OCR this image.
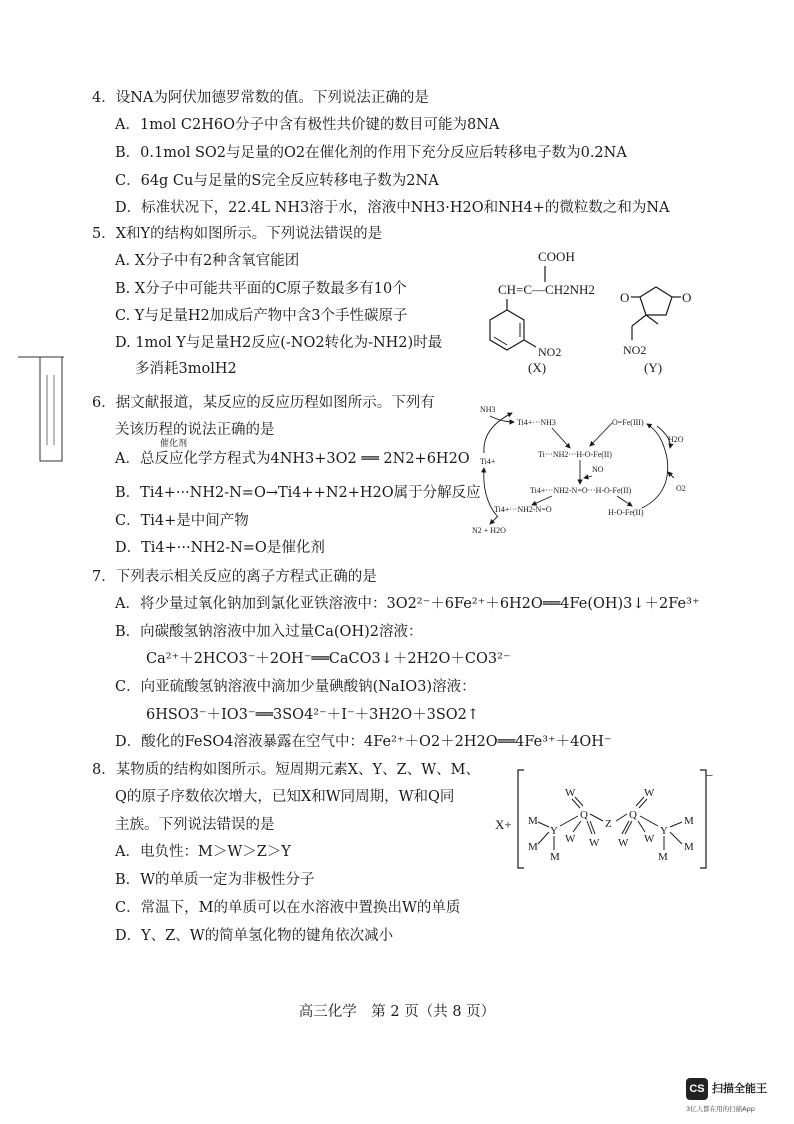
4．设NA为阿伏加德罗常数的值。下列说法正确的是
A．1mol C2H6O分子中含有极性共价键的数目可能为8NA
B．0.1mol SO2与足量的O2在催化剂的作用下充分反应后转移电子数为0.2NA
C．64g Cu与足量的S完全反应转移电子数为2NA
D．标准状况下，22.4L NH3溶于水，溶液中NH3·H2O和NH4+的微粒数之和为NA
5．X和Y的结构如图所示。下列说法错误的是
A. X分子中有2种含氧官能团
B. X分子中可能共平面的C原子数最多有10个
C. Y与足量H2加成后产物中含3个手性碳原子
D. 1mol Y与足量H2反应(-NO2转化为-NH2)时最
多消耗3molH2
COOH
CH=C—CH2NH2
NO2
(X)
O	O
NO2
(Y)
6．据文献报道，某反应的反应历程如图所示。下列有
关该历程的说法正确的是
催化剂
A．总反应化学方程式为4NH3+3O2 ══ 2N2+6H2O
B．Ti4+···NH2-N=O→Ti4++N2+H2O属于分解反应
C．Ti4+是中间产物
D．Ti4+···NH2-N=O是催化剂
NH3
Ti4+···NH3
Ti···NH2···H-O-Fe(II)
Ti4+···NH2-N=O···H-O-Fe(II)
Ti4+···NH2-N=O
O=Fe(III)
H-O-Fe(II)
Ti4+
NO
H2O
O2
N2 + H2O
7．下列表示相关反应的离子方程式正确的是
A．将少量过氧化钠加到氯化亚铁溶液中：3O2²⁻＋6Fe²⁺＋6H2O══4Fe(OH)3↓＋2Fe³⁺
B．向碳酸氢钠溶液中加入过量Ca(OH)2溶液：
Ca²⁺＋2HCO3⁻＋2OH⁻══CaCO3↓＋2H2O＋CO3²⁻
C．向亚硫酸氢钠溶液中滴加少量碘酸钠(NaIO3)溶液：
6HSO3⁻＋IO3⁻══3SO4²⁻＋I⁻＋3H2O＋3SO2↑
D．酸化的FeSO4溶液暴露在空气中：4Fe²⁺＋O2＋2H2O══4Fe³⁺＋4OH⁻
8．某物质的结构如图所示。短周期元素X、Y、Z、W、M、
Q的原子序数依次增大，已知X和W同周期，W和Q同
主族。下列说法错误的是
A．电负性：M＞W＞Z＞Y
B．W的单质一定为非极性分子
C．常温下，M的单质可以在水溶液中置换出W的单质
D．Y、Z、W的简单氢化物的键角依次减小
X+
−
W
Q
W W
Z
W
Q
W W
Y
M
M
M
Y
M
M
M
高三化学　第 2 页（共 8 页）
CS 扫描全能王
3亿人都在用的扫描App
